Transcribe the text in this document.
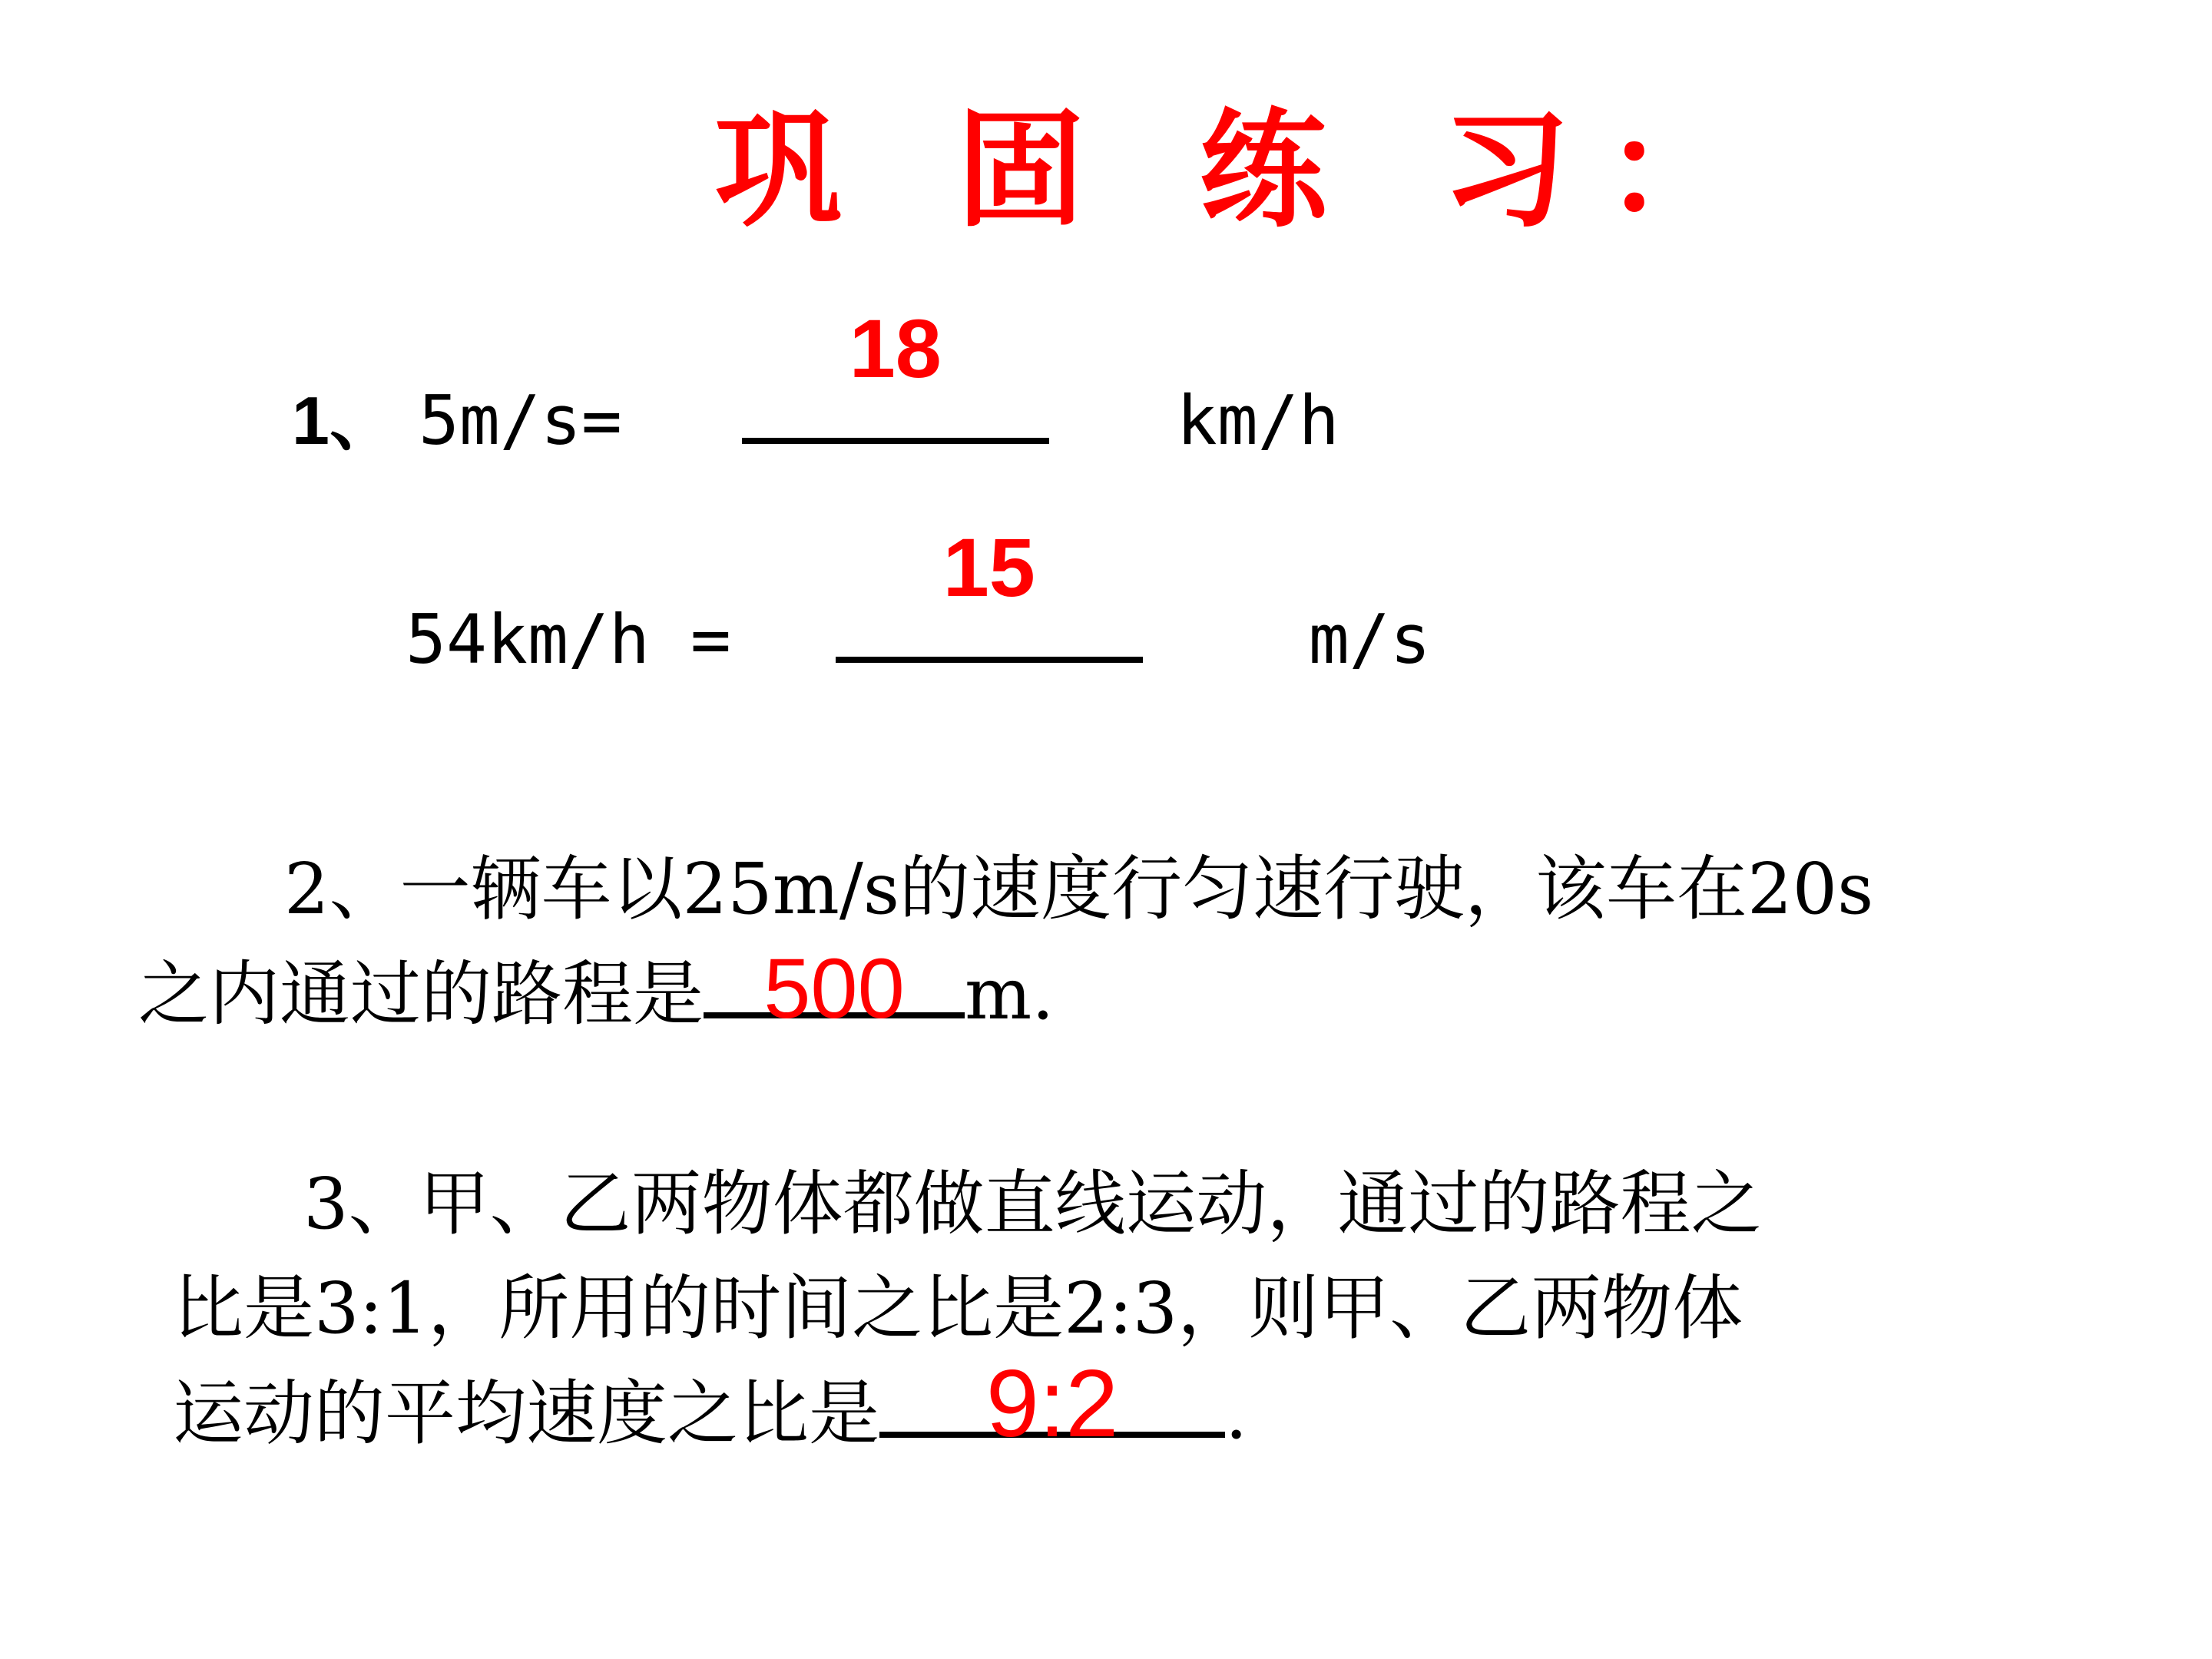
巩 固 练 习：
1、 5m/s=
18
km/h
54km/h =
15
m/s
2、一辆车以25m/s的速度行匀速行驶，该车在20s
之内通过的路程是 500 m.
3、甲、乙两物体都做直线运动，通过的路程之
比是3:1，所用的时间之比是2:3，则甲、乙两物体
运动的平均速度之比是	9:2	.
